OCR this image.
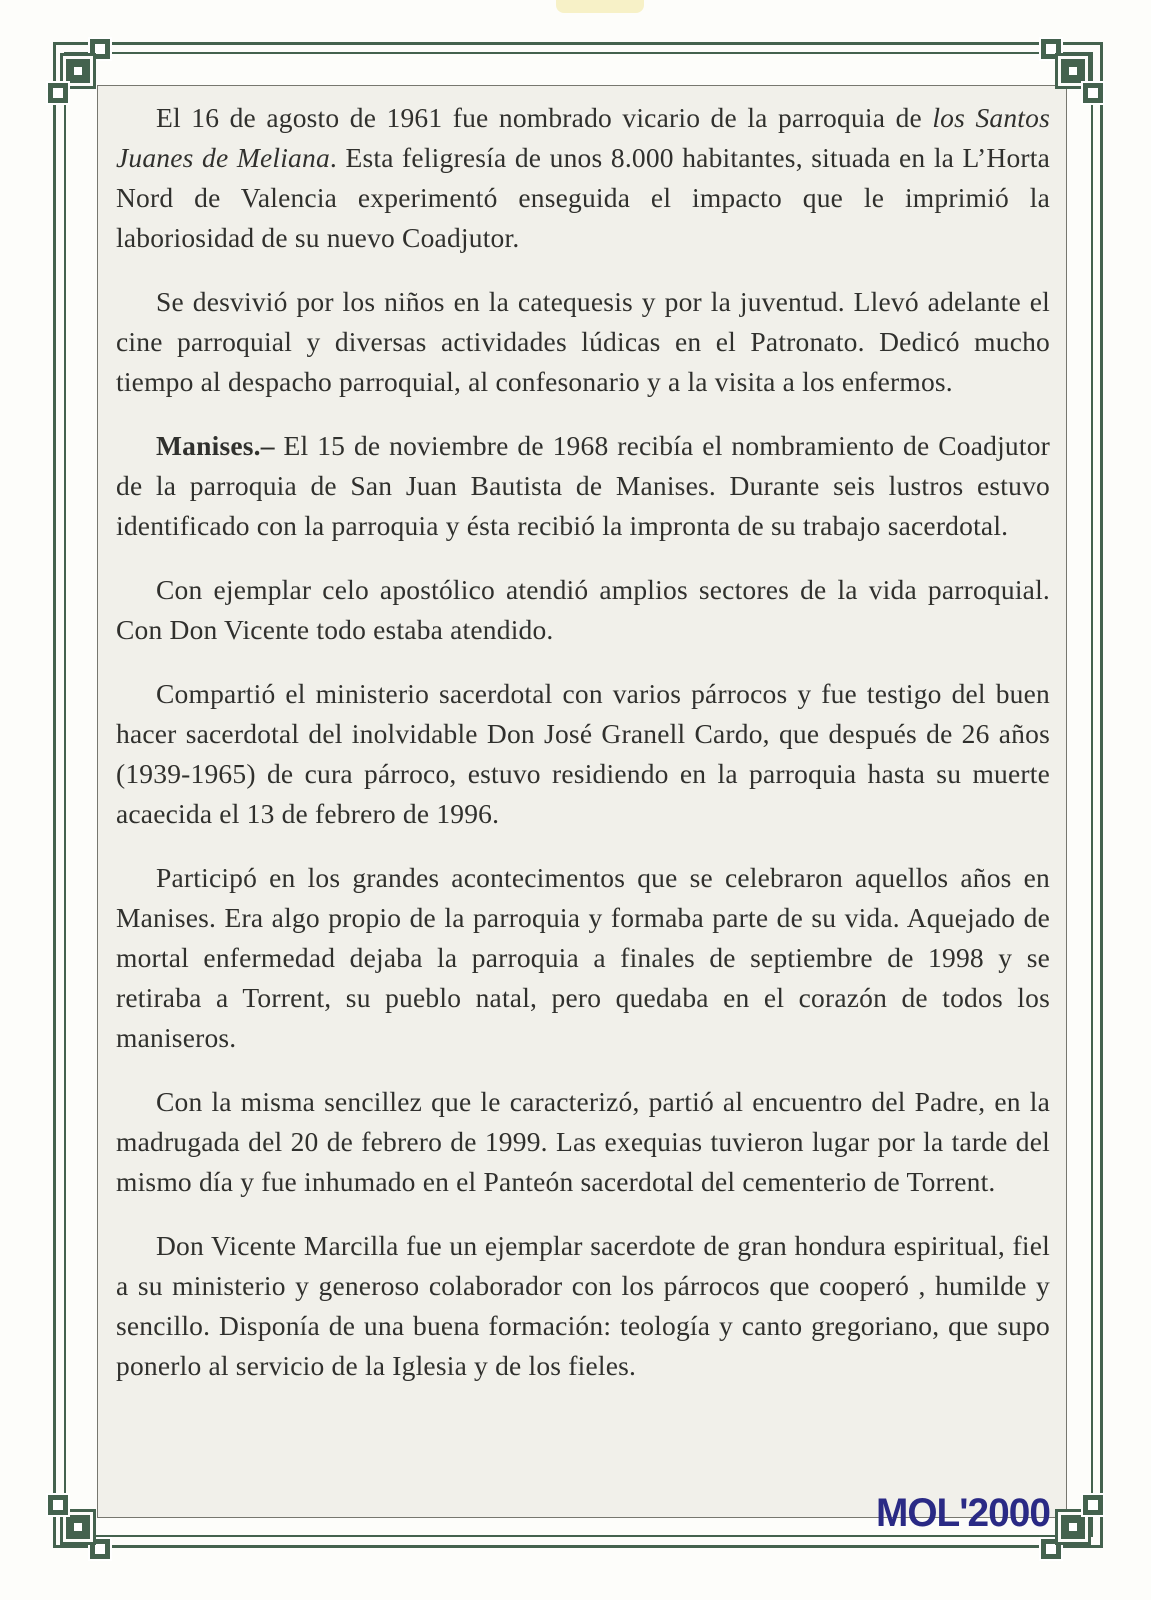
El 16 de agosto de 1961 fue nombrado vicario de la parroquia de los Santos Juanes de Meliana. Esta feligresía de unos 8.000 habitantes, situada en la L’Horta Nord de Valencia experimentó enseguida el impacto que le imprimió la laboriosidad de su nuevo Coadjutor.

Se desvivió por los niños en la catequesis y por la juventud. Llevó adelante el cine parroquial y diversas actividades lúdicas en el Patronato. Dedicó mucho tiempo al despacho parroquial, al confesonario y a la visita a los enfermos.

Manises.– El 15 de noviembre de 1968 recibía el nombramiento de Coadjutor de la parroquia de San Juan Bautista de Manises. Durante seis lustros estuvo identificado con la parroquia y ésta recibió la impronta de su trabajo sacerdotal.

Con ejemplar celo apostólico atendió amplios sectores de la vida parroquial. Con Don Vicente todo estaba atendido.

Compartió el ministerio sacerdotal con varios párrocos y fue testigo del buen hacer sacerdotal del inolvidable Don José Granell Cardo, que después de 26 años (1939-1965) de cura párroco, estuvo residiendo en la parroquia hasta su muerte acaecida el 13 de febrero de 1996.

Participó en los grandes acontecimentos que se celebraron aquellos años en Manises. Era algo propio de la parroquia y formaba parte de su vida. Aquejado de mortal enfermedad dejaba la parroquia a finales de septiembre de 1998 y se retiraba a Torrent, su pueblo natal, pero quedaba en el corazón de todos los maniseros.

Con la misma sencillez que le caracterizó, partió al encuentro del Padre, en la madrugada del 20 de febrero de 1999. Las exequias tuvieron lugar por la tarde del mismo día y fue inhumado en el Panteón sacerdotal del cementerio de Torrent.

Don Vicente Marcilla fue un ejemplar sacerdote de gran hondura espiritual, fiel a su ministerio y generoso colaborador con los párrocos que cooperó , humilde y sencillo. Disponía de una buena formación: teología y canto gregoriano, que supo ponerlo al servicio de la Iglesia y de los fieles.

MOL'2000
